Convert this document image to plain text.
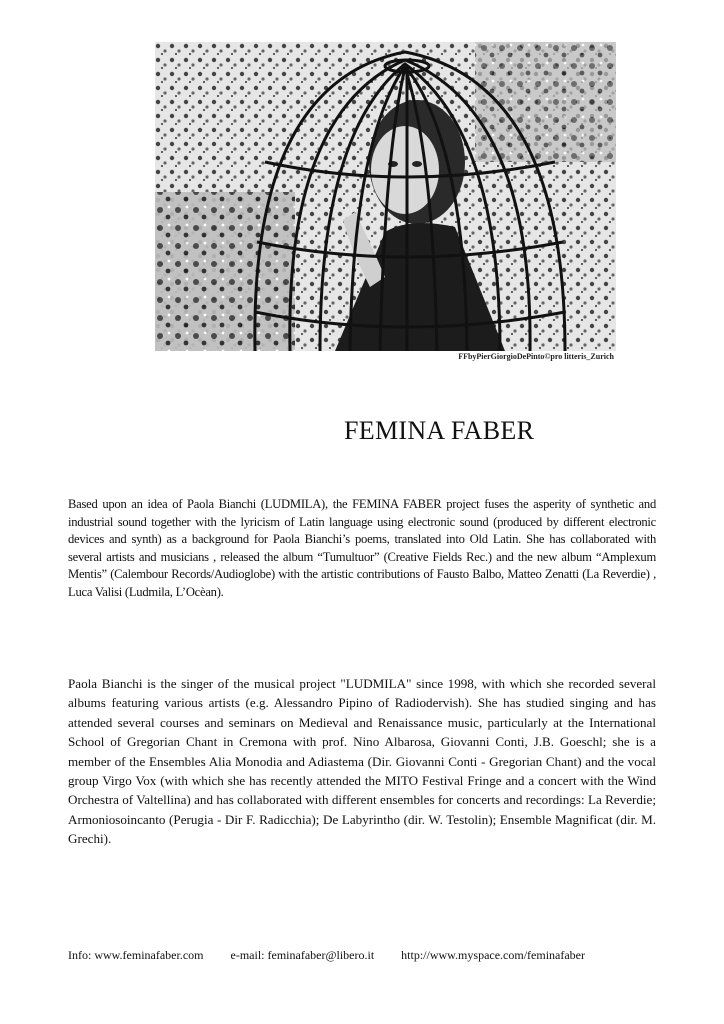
FFbyPierGiorgioDePinto©pro litteris_Zurich
FEMINA FABER
Based upon an idea of Paola Bianchi (LUDMILA), the FEMINA FABER project fuses the asperity of synthetic and industrial sound together with the lyricism of Latin language using electronic sound (produced by different electronic devices and synth) as a background for Paola Bianchi’s poems, translated into Old Latin. She has collaborated with several artists and musicians , released the album “Tumultuor” (Creative Fields Rec.) and the new album “Amplexum Mentis” (Calembour Records/Audioglobe) with the artistic contributions of Fausto Balbo, Matteo Zenatti (La Reverdie) , Luca Valisi (Ludmila, L’Ocèan).
Paola Bianchi is the singer of the musical project "LUDMILA" since 1998, with which she recorded several albums featuring various artists (e.g. Alessandro Pipino of Radiodervish). She has studied singing and has attended several courses and seminars on Medieval and Renaissance music, particularly at the International School of Gregorian Chant in Cremona with prof. Nino Albarosa, Giovanni Conti, J.B. Goeschl; she is a member of the Ensembles Alia Monodia and Adiastema (Dir. Giovanni Conti - Gregorian Chant) and the vocal group Virgo Vox (with which she has recently attended the MITO Festival Fringe and a concert with the Wind Orchestra of Valtellina) and has collaborated with different ensembles for concerts and recordings: La Reverdie; Armoniosoincanto (Perugia - Dir F. Radicchia); De Labyrintho (dir. W. Testolin); Ensemble Magnificat (dir. M. Grechi).
Info: www.feminafaber.com e-mail: feminafaber@libero.it http://www.myspace.com/feminafaber
